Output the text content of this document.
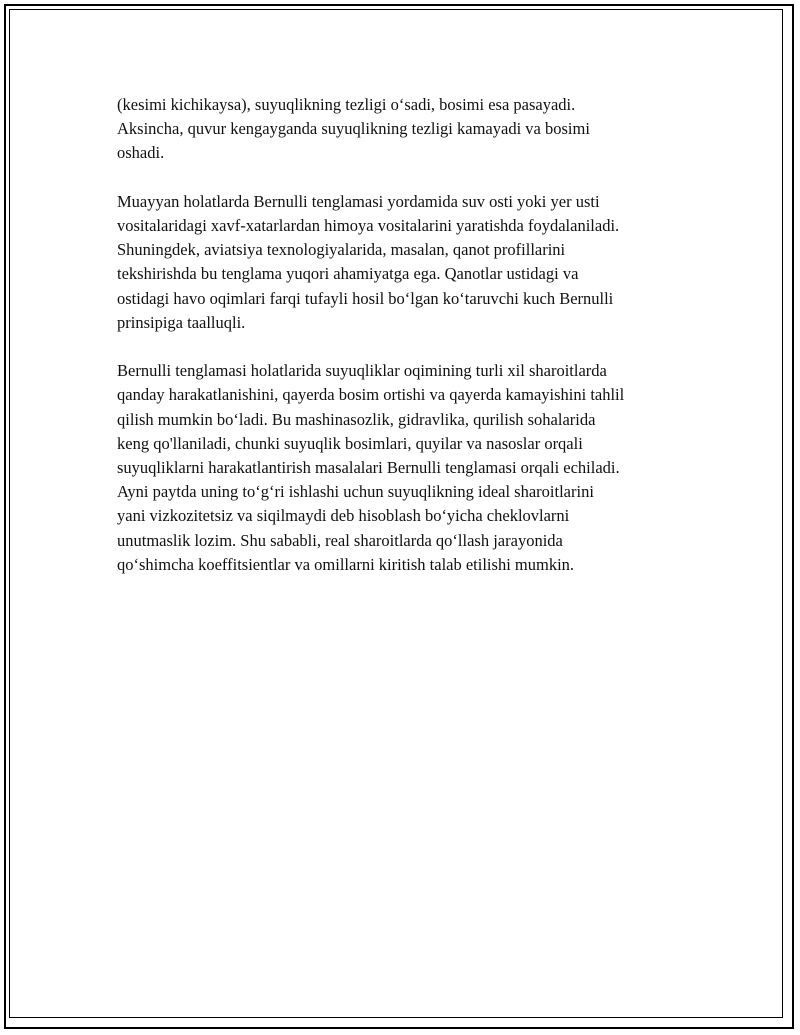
(kesimi kichikaysa), suyuqlikning tezligi o‘sadi, bosimi esa pasayadi.
Aksincha, quvur kengayganda suyuqlikning tezligi kamayadi va bosimi
oshadi.

Muayyan holatlarda Bernulli tenglamasi yordamida suv osti yoki yer usti
vositalaridagi xavf-xatarlardan himoya vositalarini yaratishda foydalaniladi.
Shuningdek, aviatsiya texnologiyalarida, masalan, qanot profillarini
tekshirishda bu tenglama yuqori ahamiyatga ega. Qanotlar ustidagi va
ostidagi havo oqimlari farqi tufayli hosil bo‘lgan ko‘taruvchi kuch Bernulli
prinsipiga taalluqli.

Bernulli tenglamasi holatlarida suyuqliklar oqimining turli xil sharoitlarda
qanday harakatlanishini, qayerda bosim ortishi va qayerda kamayishini tahlil
qilish mumkin bo‘ladi. Bu mashinasozlik, gidravlika, qurilish sohalarida
keng qo'llaniladi, chunki suyuqlik bosimlari, quyilar va nasoslar orqali
suyuqliklarni harakatlantirish masalalari Bernulli tenglamasi orqali echiladi.
Ayni paytda uning to‘g‘ri ishlashi uchun suyuqlikning ideal sharoitlarini
yani vizkozitetsiz va siqilmaydi deb hisoblash bo‘yicha cheklovlarni
unutmaslik lozim. Shu sababli, real sharoitlarda qo‘llash jarayonida
qo‘shimcha koeffitsientlar va omillarni kiritish talab etilishi mumkin.
